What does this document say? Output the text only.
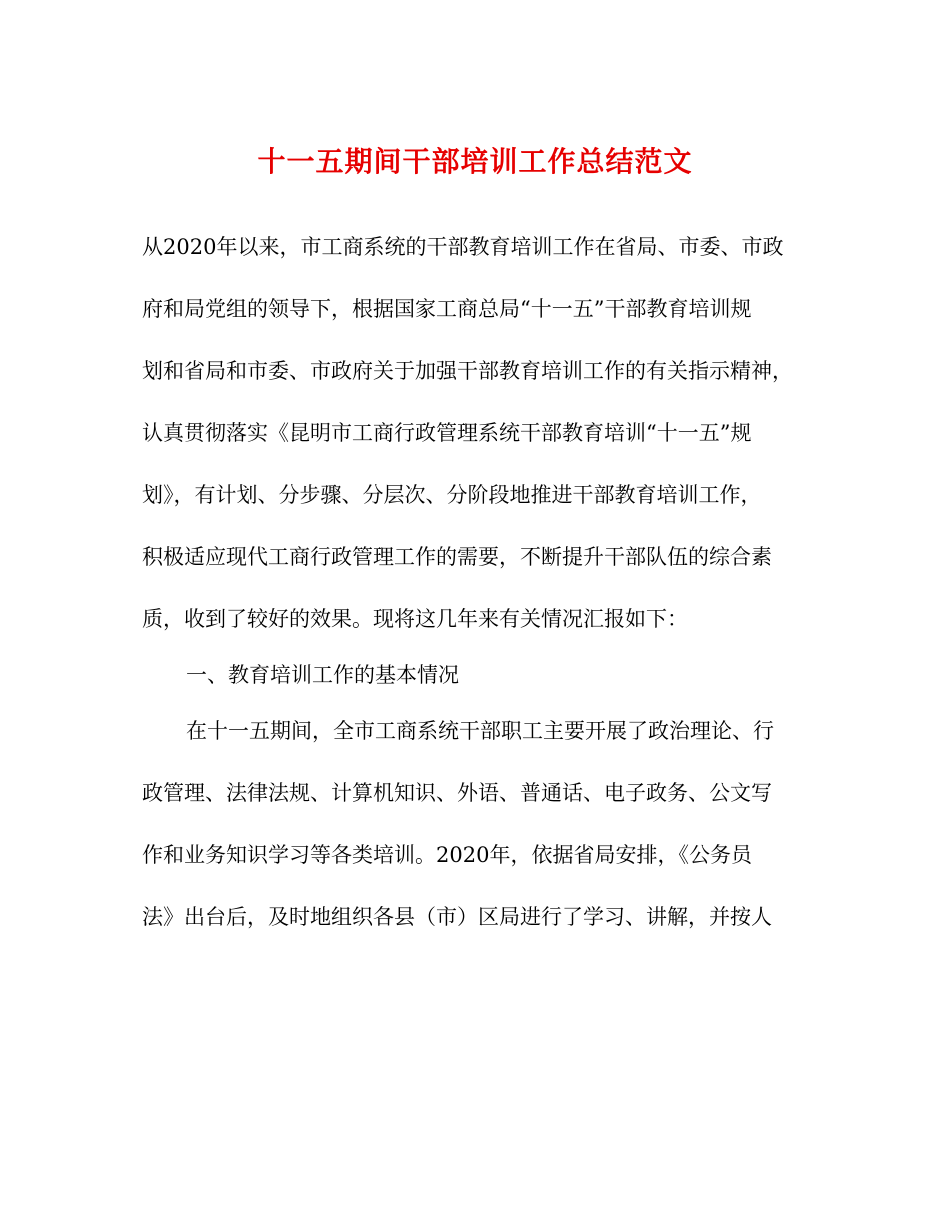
十一五期间干部培训工作总结范文
从2020年以来，市工商系统的干部教育培训工作在省局、市委、市政
府和局党组的领导下，根据国家工商总局“十一五”干部教育培训规
划和省局和市委、市政府关于加强干部教育培训工作的有关指示精神，
认真贯彻落实《昆明市工商行政管理系统干部教育培训“十一五”规
划》，有计划、分步骤、分层次、分阶段地推进干部教育培训工作，
积极适应现代工商行政管理工作的需要，不断提升干部队伍的综合素
质，收到了较好的效果。现将这几年来有关情况汇报如下：
一、教育培训工作的基本情况
在十一五期间，全市工商系统干部职工主要开展了政治理论、行
政管理、法律法规、计算机知识、外语、普通话、电子政务、公文写
作和业务知识学习等各类培训。2020年，依据省局安排，《公务员
法》出台后，及时地组织各县（市）区局进行了学习、讲解，并按人
